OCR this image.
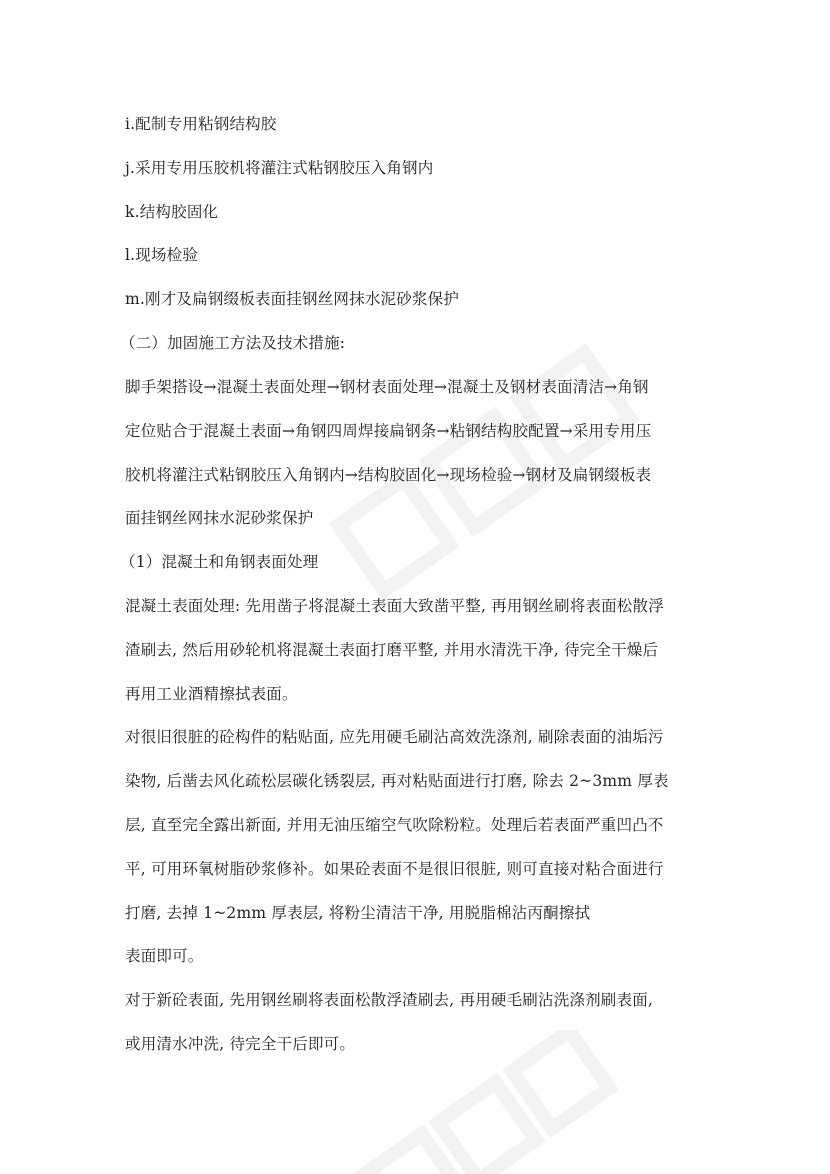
i.配制专用粘钢结构胶
j.采用专用压胶机将灌注式粘钢胶压入角钢内
k.结构胶固化
l.现场检验
m.刚才及扁钢缀板表面挂钢丝网抹水泥砂浆保护
（二）加固施工方法及技术措施:
脚手架搭设→混凝土表面处理→钢材表面处理→混凝土及钢材表面清洁→角钢
定位贴合于混凝土表面→角钢四周焊接扁钢条→粘钢结构胶配置→采用专用压
胶机将灌注式粘钢胶压入角钢内→结构胶固化→现场检验→钢材及扁钢缀板表
面挂钢丝网抹水泥砂浆保护
（1）混凝土和角钢表面处理
混凝土表面处理: 先用凿子将混凝土表面大致凿平整, 再用钢丝刷将表面松散浮
渣刷去, 然后用砂轮机将混凝土表面打磨平整, 并用水清洗干净, 待完全干燥后
再用工业酒精擦拭表面。
对很旧很脏的砼构件的粘贴面, 应先用硬毛刷沾高效洗涤剂, 刷除表面的油垢污
染物, 后凿去风化疏松层碳化锈裂层, 再对粘贴面进行打磨, 除去 2~3mm 厚表
层, 直至完全露出新面, 并用无油压缩空气吹除粉粒。处理后若表面严重凹凸不
平, 可用环氧树脂砂浆修补。如果砼表面不是很旧很脏, 则可直接对粘合面进行
打磨, 去掉 1~2mm 厚表层, 将粉尘清洁干净, 用脱脂棉沾丙酮擦拭
表面即可。
对于新砼表面, 先用钢丝刷将表面松散浮渣刷去, 再用硬毛刷沾洗涤剂刷表面,
或用清水冲洗, 待完全干后即可。
